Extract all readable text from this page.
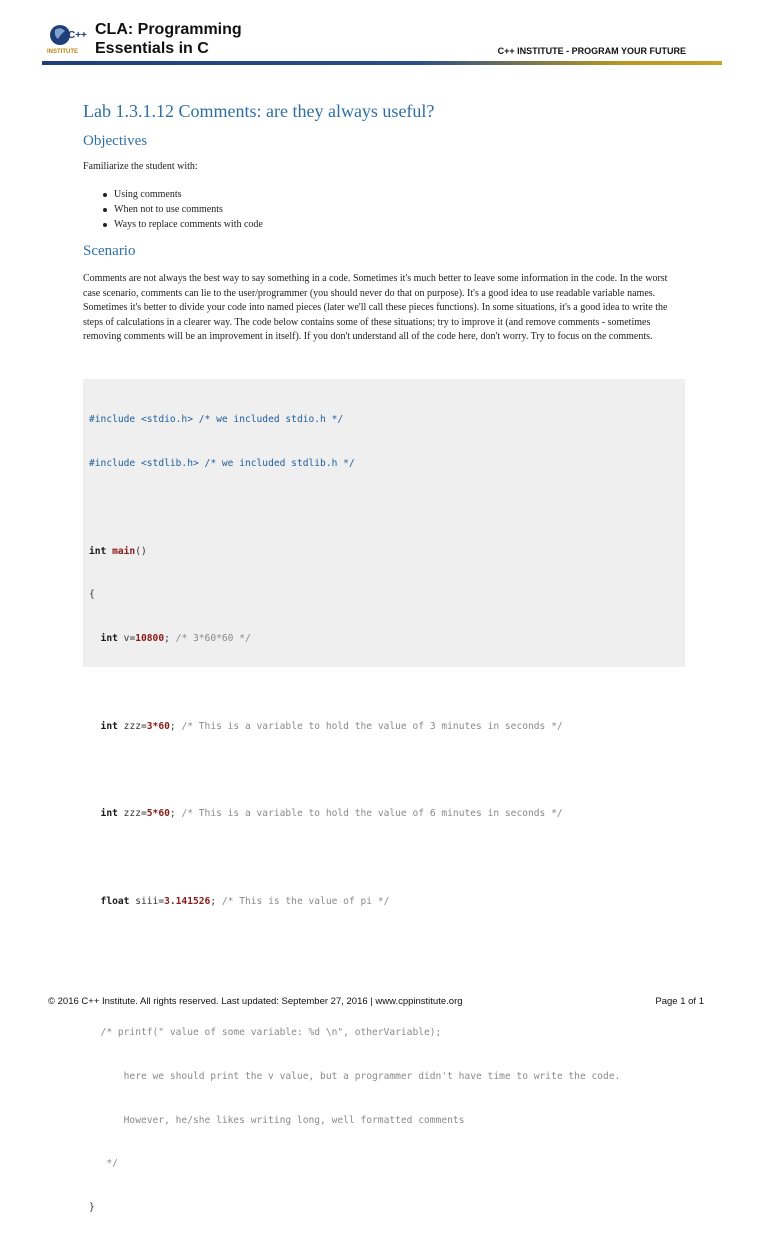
C++
INSTITUTE
CLA: Programming
Essentials in C	C++ INSTITUTE - PROGRAM YOUR FUTURE
Lab 1.3.1.12 Comments: are they always useful?
Objectives
Familiarize the student with:
Using comments
When not to use comments
Ways to replace comments with code
Scenario

Comments are not always the best way to say something in a code. Sometimes it's much better to leave some information in the code. In the worst case scenario, comments can lie to the user/programmer (you should never do that on purpose). It's a good idea to use readable variable names. Sometimes it's better to divide your code into named pieces (later we'll call these pieces functions). In some situations, it's a good idea to write the steps of calculations in a clearer way. The code below contains some of these situations; try to improve it (and remove comments - sometimes removing comments will be an improvement in itself). If you don't understand all of the code here, don't worry. Try to focus on the comments.

#include <stdio.h> /* we included stdio.h */

#include <stdlib.h> /* we included stdlib.h */

int main()

{

int v=10800; /* 3*60*60 */

int zzz=3*60; /* This is a variable to hold the value of 3 minutes in seconds */

int zzz=5*60; /* This is a variable to hold the value of 6 minutes in seconds */

float siii=3.141526; /* This is the value of pi */

/* printf(" value of some variable: %d \n", otherVariable);

here we should print the v value, but a programmer didn't have time to write the code.

However, he/she likes writing long, well formatted comments

*/

}

© 2016 C++ Institute. All rights reserved. Last updated: September 27, 2016 | www.cppinstitute.org	Page 1 of 1
